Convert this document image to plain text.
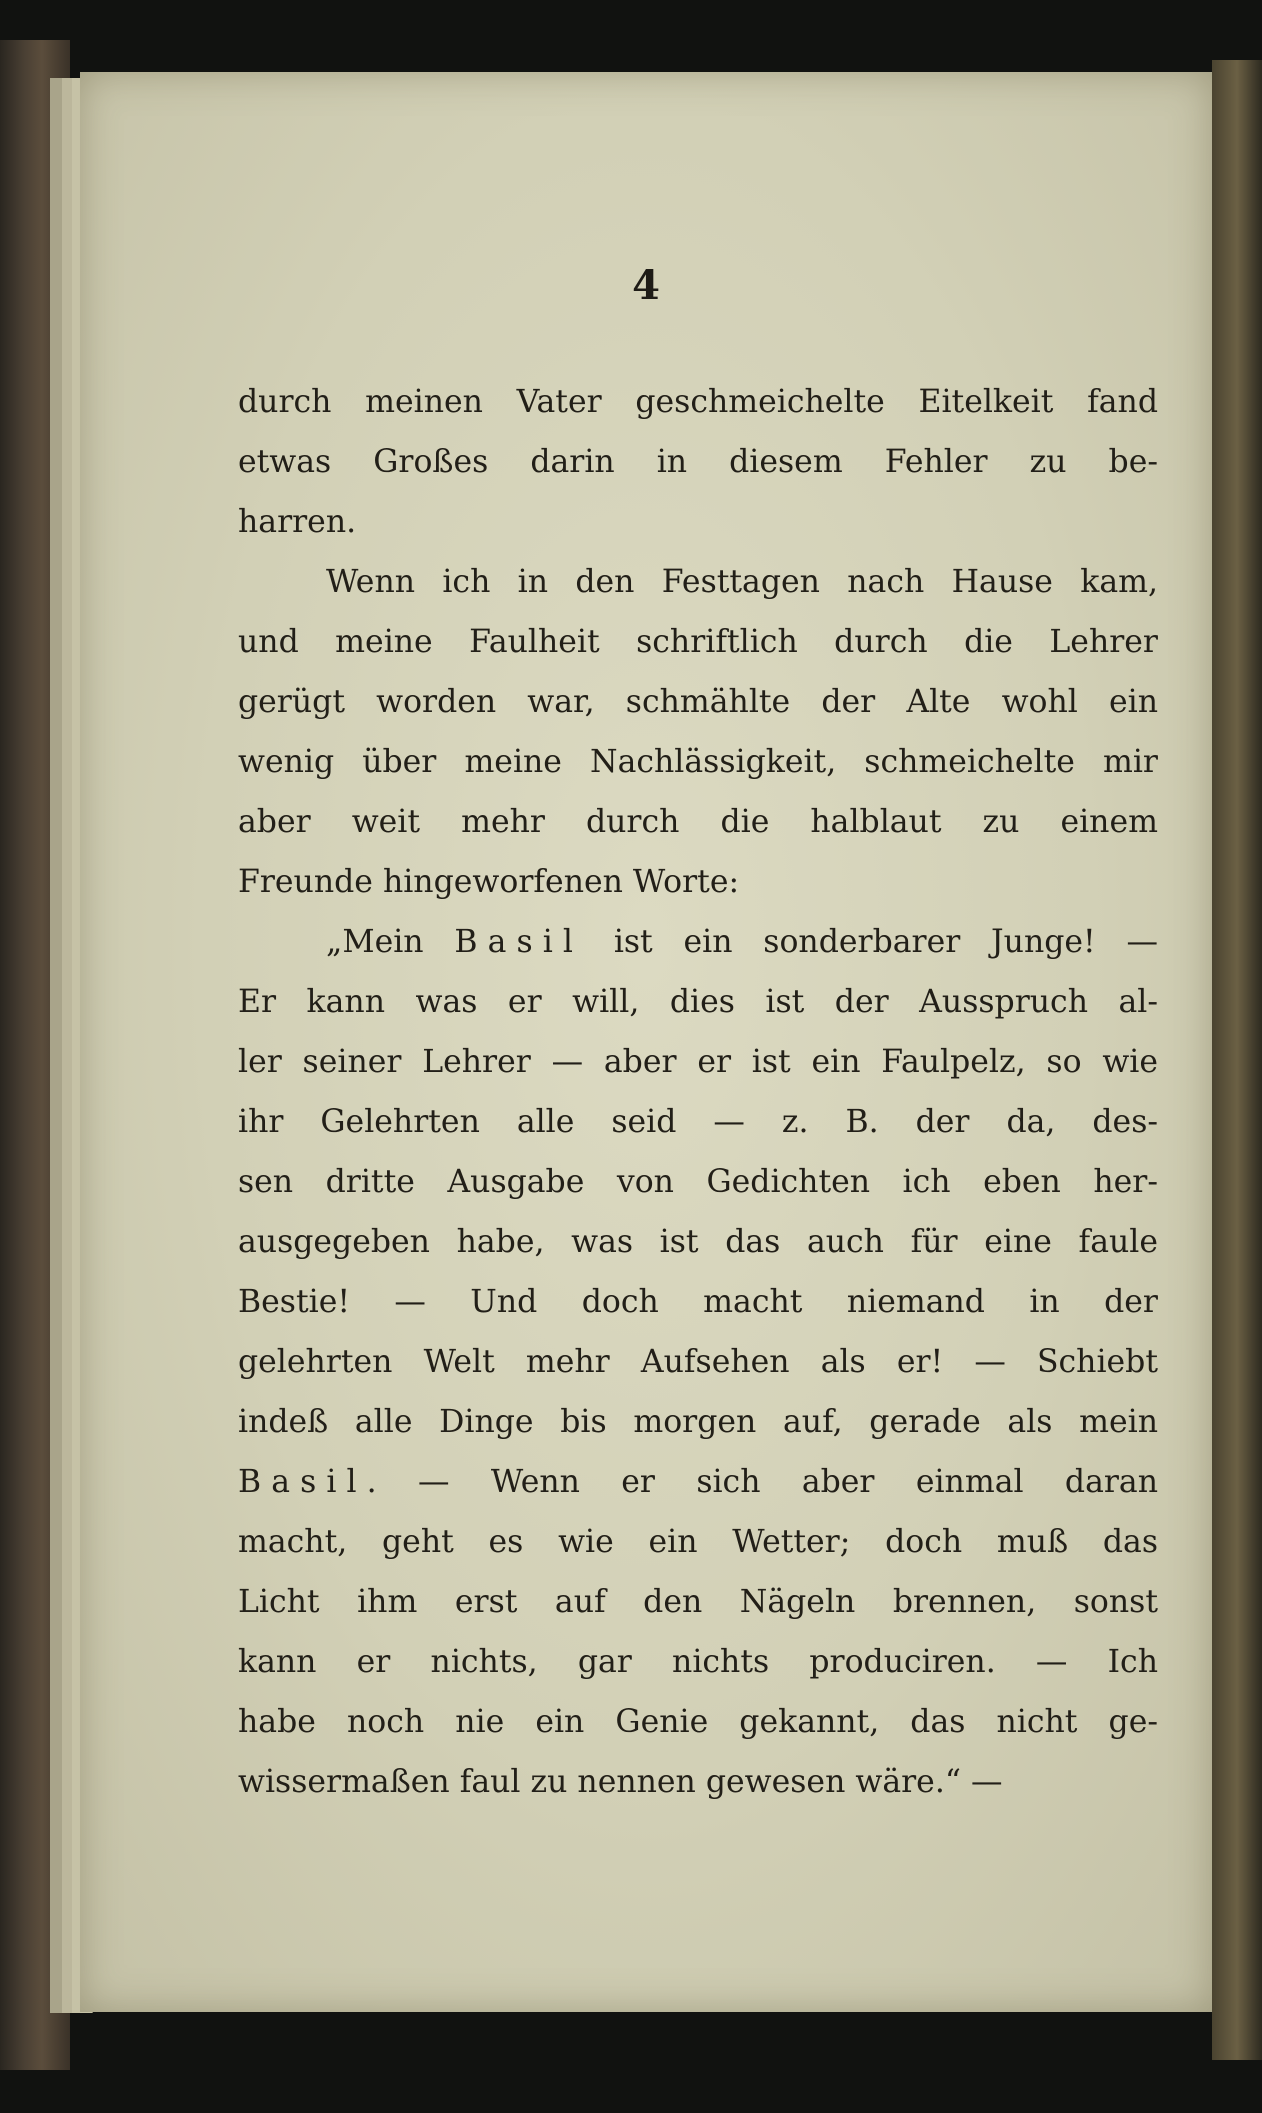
4

durch meinen Vater geschmeichelte Eitelkeit fand
etwas Großes darin in diesem Fehler zu be-
harren.
Wenn ich in den Festtagen nach Hause kam,
und meine Faulheit schriftlich durch die Lehrer
gerügt worden war, schmählte der Alte wohl ein
wenig über meine Nachlässigkeit, schmeichelte mir
aber weit mehr durch die halblaut zu einem
Freunde hingeworfenen Worte:
„Mein Basil ist ein sonderbarer Junge! —
Er kann was er will, dies ist der Ausspruch al-
ler seiner Lehrer — aber er ist ein Faulpelz, so wie
ihr Gelehrten alle seid — z. B. der da, des-
sen dritte Ausgabe von Gedichten ich eben her-
ausgegeben habe, was ist das auch für eine faule
Bestie! — Und doch macht niemand in der
gelehrten Welt mehr Aufsehen als er! — Schiebt
indeß alle Dinge bis morgen auf, gerade als mein
Basil. — Wenn er sich aber einmal daran
macht, geht es wie ein Wetter; doch muß das
Licht ihm erst auf den Nägeln brennen, sonst
kann er nichts, gar nichts produciren. — Ich
habe noch nie ein Genie gekannt, das nicht ge-
wissermaßen faul zu nennen gewesen wäre.“ —
